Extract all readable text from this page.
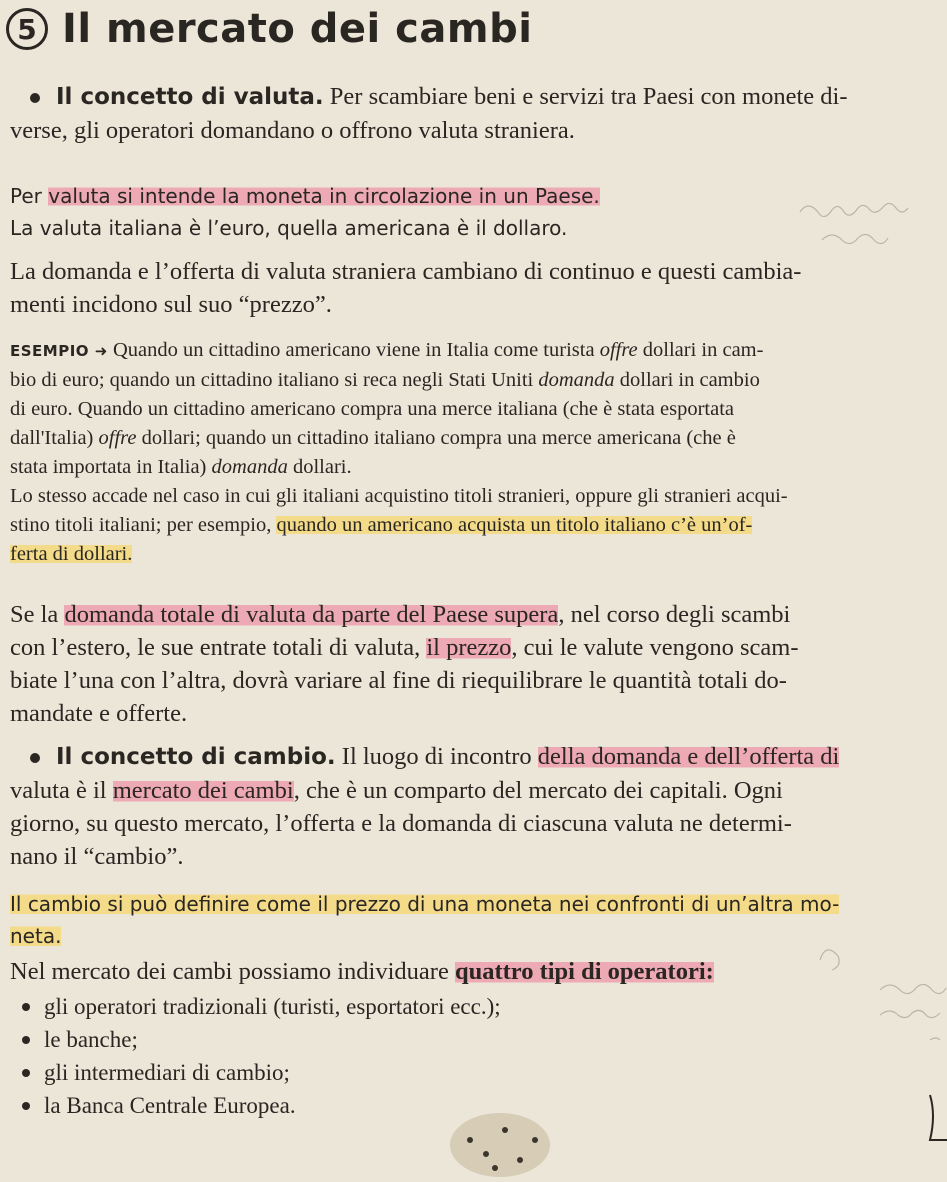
5 Il mercato dei cambi
Il concetto di valuta. Per scambiare beni e servizi tra Paesi con monete di-
verse, gli operatori domandano o offrono valuta straniera.
Per valuta si intende la moneta in circolazione in un Paese.
La valuta italiana è l’euro, quella americana è il dollaro.
La domanda e l’offerta di valuta straniera cambiano di continuo e questi cambia-
menti incidono sul suo “prezzo”.
ESEMPIO ➜ Quando un cittadino americano viene in Italia come turista offre dollari in cam-
bio di euro; quando un cittadino italiano si reca negli Stati Uniti domanda dollari in cambio
di euro. Quando un cittadino americano compra una merce italiana (che è stata esportata
dall'Italia) offre dollari; quando un cittadino italiano compra una merce americana (che è
stata importata in Italia) domanda dollari.
Lo stesso accade nel caso in cui gli italiani acquistino titoli stranieri, oppure gli stranieri acqui-
stino titoli italiani; per esempio, quando un americano acquista un titolo italiano c’è un’of-
ferta di dollari.
Se la domanda totale di valuta da parte del Paese supera, nel corso degli scambi
con l’estero, le sue entrate totali di valuta, il prezzo, cui le valute vengono scam-
biate l’una con l’altra, dovrà variare al fine di riequilibrare le quantità totali do-
mandate e offerte.
Il concetto di cambio. Il luogo di incontro della domanda e dell’offerta di
valuta è il mercato dei cambi, che è un comparto del mercato dei capitali. Ogni
giorno, su questo mercato, l’offerta e la domanda di ciascuna valuta ne determi-
nano il “cambio”.
Il cambio si può definire come il prezzo di una moneta nei confronti di un’altra mo-
neta.
Nel mercato dei cambi possiamo individuare quattro tipi di operatori:
gli operatori tradizionali (turisti, esportatori ecc.);
le banche;
gli intermediari di cambio;
la Banca Centrale Europea.
